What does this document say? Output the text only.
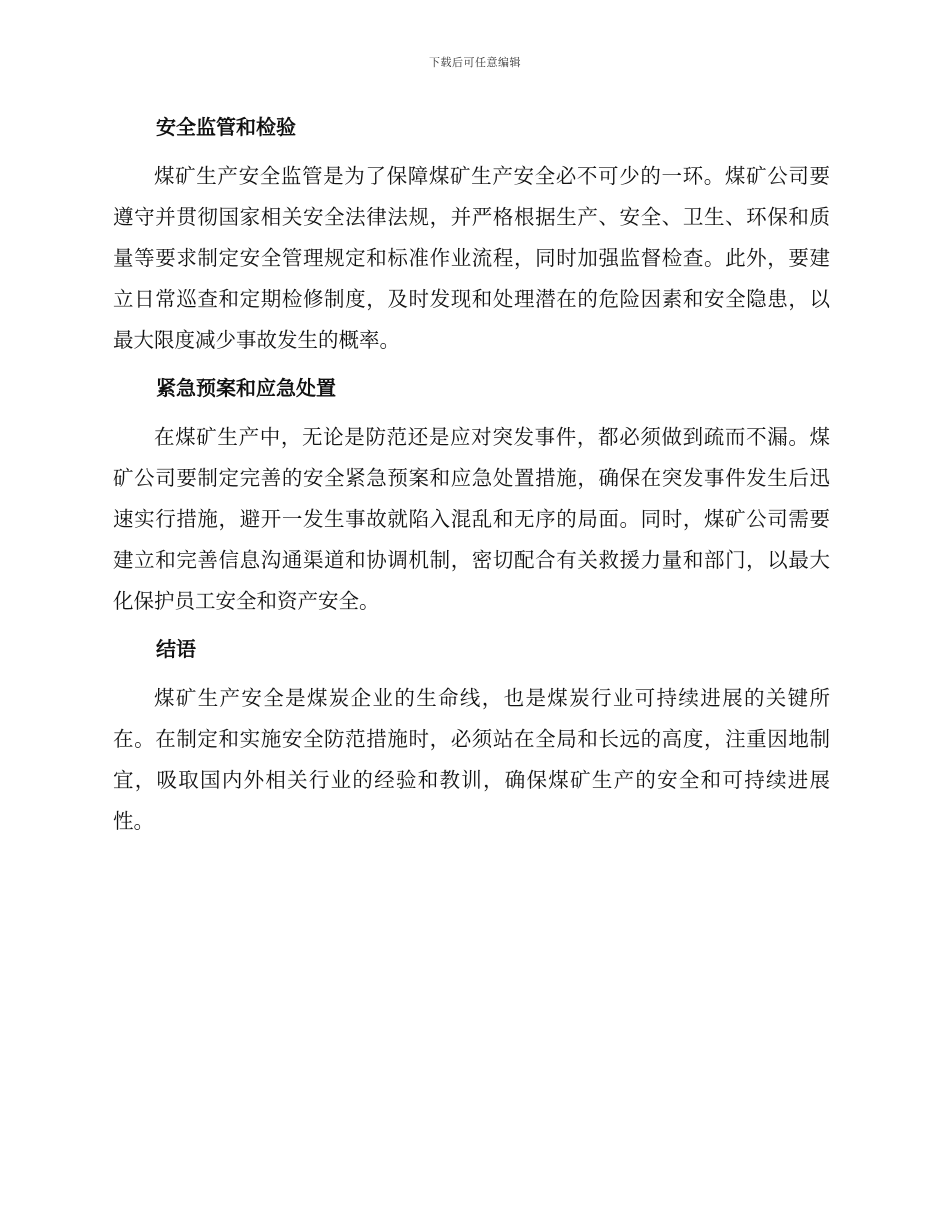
下载后可任意编辑
安全监管和检验

煤矿生产安全监管是为了保障煤矿生产安全必不可少的一环。煤矿公司要遵守并贯彻国家相关安全法律法规，并严格根据生产、安全、卫生、环保和质量等要求制定安全管理规定和标准作业流程，同时加强监督检查。此外，要建立日常巡查和定期检修制度，及时发现和处理潜在的危险因素和安全隐患，以最大限度减少事故发生的概率。

紧急预案和应急处置

在煤矿生产中，无论是防范还是应对突发事件，都必须做到疏而不漏。煤矿公司要制定完善的安全紧急预案和应急处置措施，确保在突发事件发生后迅速实行措施，避开一发生事故就陷入混乱和无序的局面。同时，煤矿公司需要建立和完善信息沟通渠道和协调机制，密切配合有关救援力量和部门，以最大化保护员工安全和资产安全。

结语

煤矿生产安全是煤炭企业的生命线，也是煤炭行业可持续进展的关键所在。在制定和实施安全防范措施时，必须站在全局和长远的高度，注重因地制宜，吸取国内外相关行业的经验和教训，确保煤矿生产的安全和可持续进展性。
